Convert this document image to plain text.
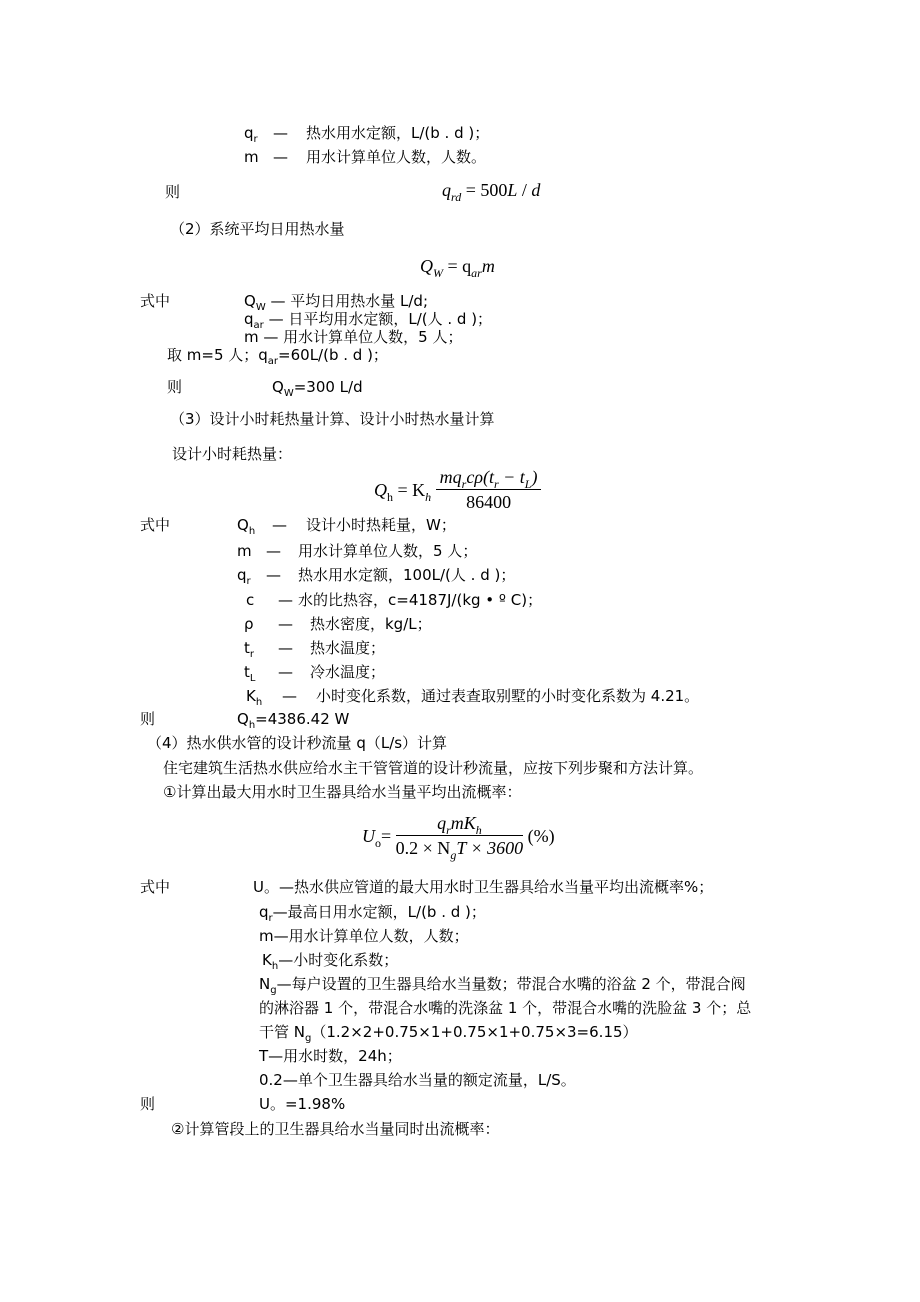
$q_r$ — 热水用水定额，L/(b . d )；
m — 用水计算单位人数，人数。
则	$q_{rd} = 500L / d$
（2）系统平均日用热水量
$Q_W = q_{ar}m$
式中	$Q_W$ — 平均日用热水量 L/d;
$q_{ar}$ — 日平均用水定额，L/(人 . d )；
m — 用水计算单位人数，5 人；
取 m=5 人；$q_{ar}=60L/(b$ . d )；
则	$Q_W=300$ L/d
（3）设计小时耗热量计算、设计小时热水量计算
设计小时耗热量：
$Q_h = K_h \frac{mq_rc\rho(t_r - t_L)}{86400}$
式中	$Q_h$ — 设计小时热耗量，W；
m — 用水计算单位人数，5 人；
$q_r$ — 热水用水定额，100L/(人 . d )；
c — 水的比热容，c=4187J/(kg • º C)；
ρ — 热水密度，kg/L；
$t_r$ — 热水温度；
$t_L$ — 冷水温度；
$K_h$ — 小时变化系数，通过表查取别墅的小时变化系数为 4.21。
则	$Q_h=4386.42$ W
（4）热水供水管的设计秒流量 q（L/s）计算
住宅建筑生活热水供应给水主干管管道的设计秒流量，应按下列步聚和方法计算。
①计算出最大用水时卫生器具给水当量平均出流概率：
$U_o= \frac{q_rmK_h}{0.2 \times N_gT \times 3600}$ (%)
式中	U。—热水供应管道的最大用水时卫生器具给水当量平均出流概率%；
$q_r—$最高日用水定额，L/(b . d )；
m—用水计算单位人数，人数；
$K_h—$小时变化系数；
$N_g—$每户设置的卫生器具给水当量数；带混合水嘴的浴盆 2 个，带混合阀
的淋浴器 1 个，带混合水嘴的洗涤盆 1 个，带混合水嘴的洗脸盆 3 个；总
干管 $N_g(1.2\times 2+0.75\times 1+0.75\times 1+0.75\times 3=6.15)$
T—用水时数，24h；
0.2—单个卫生器具给水当量的额定流量，L/S。
则	U。=1.98%
②计算管段上的卫生器具给水当量同时出流概率：
